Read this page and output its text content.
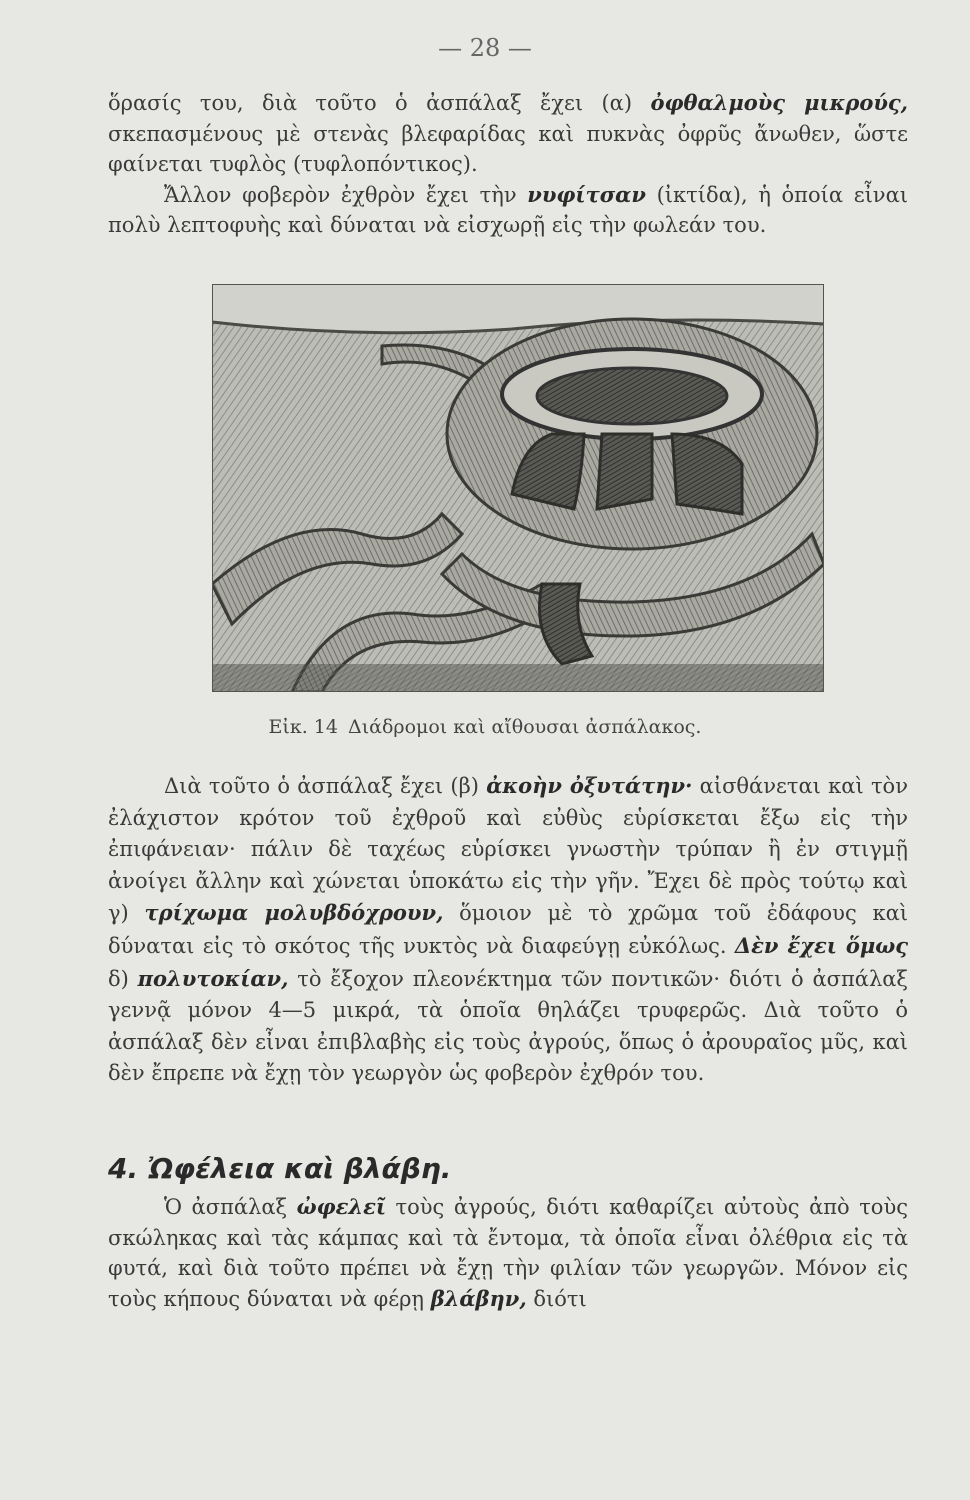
— 28 —

ὅρασίς του, διὰ τοῦτο ὁ ἀσπάλαξ ἔχει (α) ὀφθαλμοὺς μικρούς, σκεπασμένους μὲ στενὰς βλεφαρίδας καὶ πυκνὰς ὀφρῦς ἄνωθεν, ὥστε φαίνεται τυφλὸς (τυφλοπόντικος).

Ἄλλον φοβερὸν ἐχθρὸν ἔχει τὴν νυφίτσαν (ἰκτίδα), ἡ ὁποία εἶναι πολὺ λεπτοφυὴς καὶ δύναται νὰ εἰσχωρῇ εἰς τὴν φωλεάν του.

Εἰκ. 14 Διάδρομοι καὶ αἴθουσαι ἀσπάλακος.

Διὰ τοῦτο ὁ ἀσπάλαξ ἔχει (β) ἀκοὴν ὀξυτάτην· αἰσθάνεται καὶ τὸν ἐλάχιστον κρότον τοῦ ἐχθροῦ καὶ εὐθὺς εὑρίσκεται ἔξω εἰς τὴν ἐπιφάνειαν· πάλιν δὲ ταχέως εὑρίσκει γνωστὴν τρύπαν ἢ ἐν στιγμῇ ἀνοίγει ἄλλην καὶ χώνεται ὑποκάτω εἰς τὴν γῆν. Ἔχει δὲ πρὸς τούτῳ καὶ γ) τρίχωμα μολυβδόχρουν, ὅμοιον μὲ τὸ χρῶμα τοῦ ἐδάφους καὶ δύναται εἰς τὸ σκότος τῆς νυκτὸς νὰ διαφεύγῃ εὐκόλως. Δὲν ἔχει ὅμως δ) πολυτοκίαν, τὸ ἔξοχον πλεονέκτημα τῶν ποντικῶν· διότι ὁ ἀσπάλαξ γεννᾷ μόνον 4—5 μικρά, τὰ ὁποῖα θηλάζει τρυφερῶς. Διὰ τοῦτο ὁ ἀσπάλαξ δὲν εἶναι ἐπιβλαβὴς εἰς τοὺς ἀγρούς, ὅπως ὁ ἀρουραῖος μῦς, καὶ δὲν ἔπρεπε νὰ ἔχῃ τὸν γεωργὸν ὡς φοβερὸν ἐχθρόν του.

4. Ὠφέλεια καὶ βλάβη.

Ὁ ἀσπάλαξ ὠφελεῖ τοὺς ἀγρούς, διότι καθαρίζει αὐτοὺς ἀπὸ τοὺς σκώληκας καὶ τὰς κάμπας καὶ τὰ ἔντομα, τὰ ὁποῖα εἶναι ὀλέθρια εἰς τὰ φυτά, καὶ διὰ τοῦτο πρέπει νὰ ἔχῃ τὴν φιλίαν τῶν γεωργῶν. Μόνον εἰς τοὺς κήπους δύναται νὰ φέρῃ βλάβην, διότι
